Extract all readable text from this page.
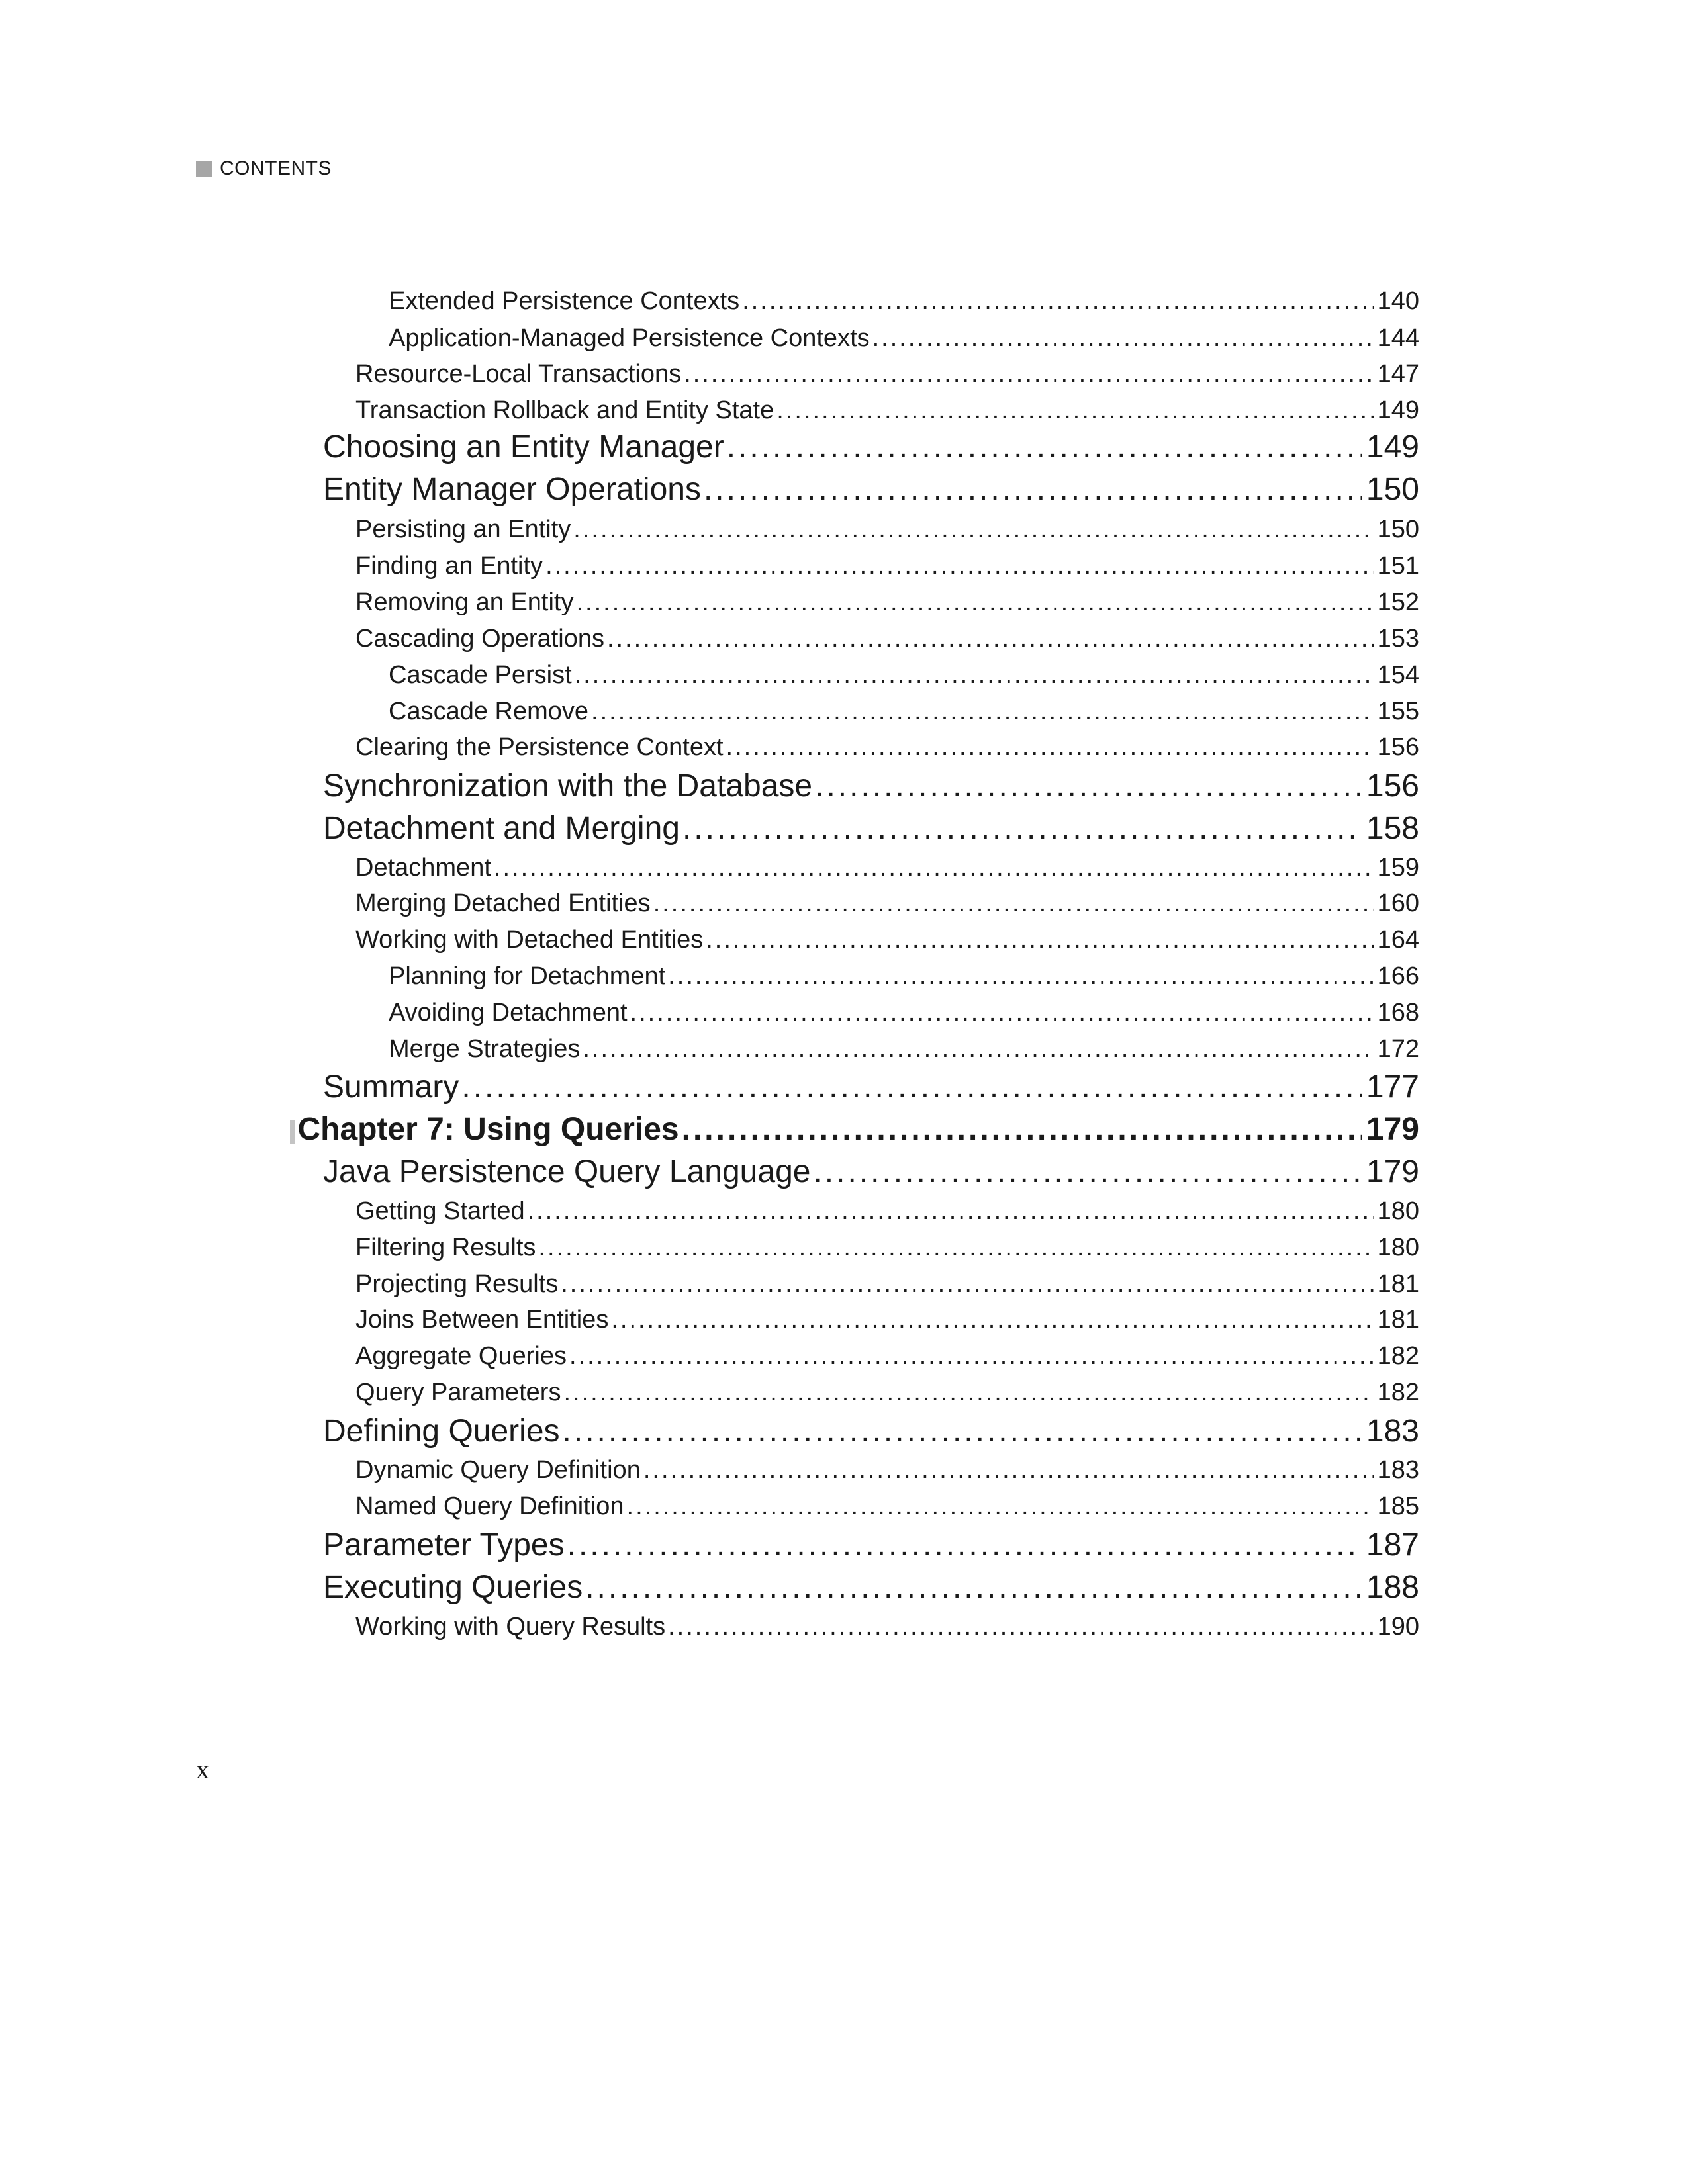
CONTENTS
Extended Persistence Contexts .....	140
Application-Managed Persistence Contexts .....	144
Resource-Local Transactions .....	147
Transaction Rollback and Entity State .....	149
Choosing an Entity Manager .....	149
Entity Manager Operations .....	150
Persisting an Entity .....	150
Finding an Entity .....	151
Removing an Entity .....	152
Cascading Operations .....	153
Cascade Persist .....	154
Cascade Remove .....	155
Clearing the Persistence Context .....	156
Synchronization with the Database .....	156
Detachment and Merging .....	158
Detachment .....	159
Merging Detached Entities .....	160
Working with Detached Entities .....	164
Planning for Detachment .....	166
Avoiding Detachment .....	168
Merge Strategies .....	172
Summary .....	177
Chapter 7: Using Queries .....	179
Java Persistence Query Language .....	179
Getting Started .....	180
Filtering Results .....	180
Projecting Results .....	181
Joins Between Entities .....	181
Aggregate Queries .....	182
Query Parameters .....	182
Defining Queries .....	183
Dynamic Query Definition .....	183
Named Query Definition .....	185
Parameter Types .....	187
Executing Queries .....	188
Working with Query Results .....	190
x
